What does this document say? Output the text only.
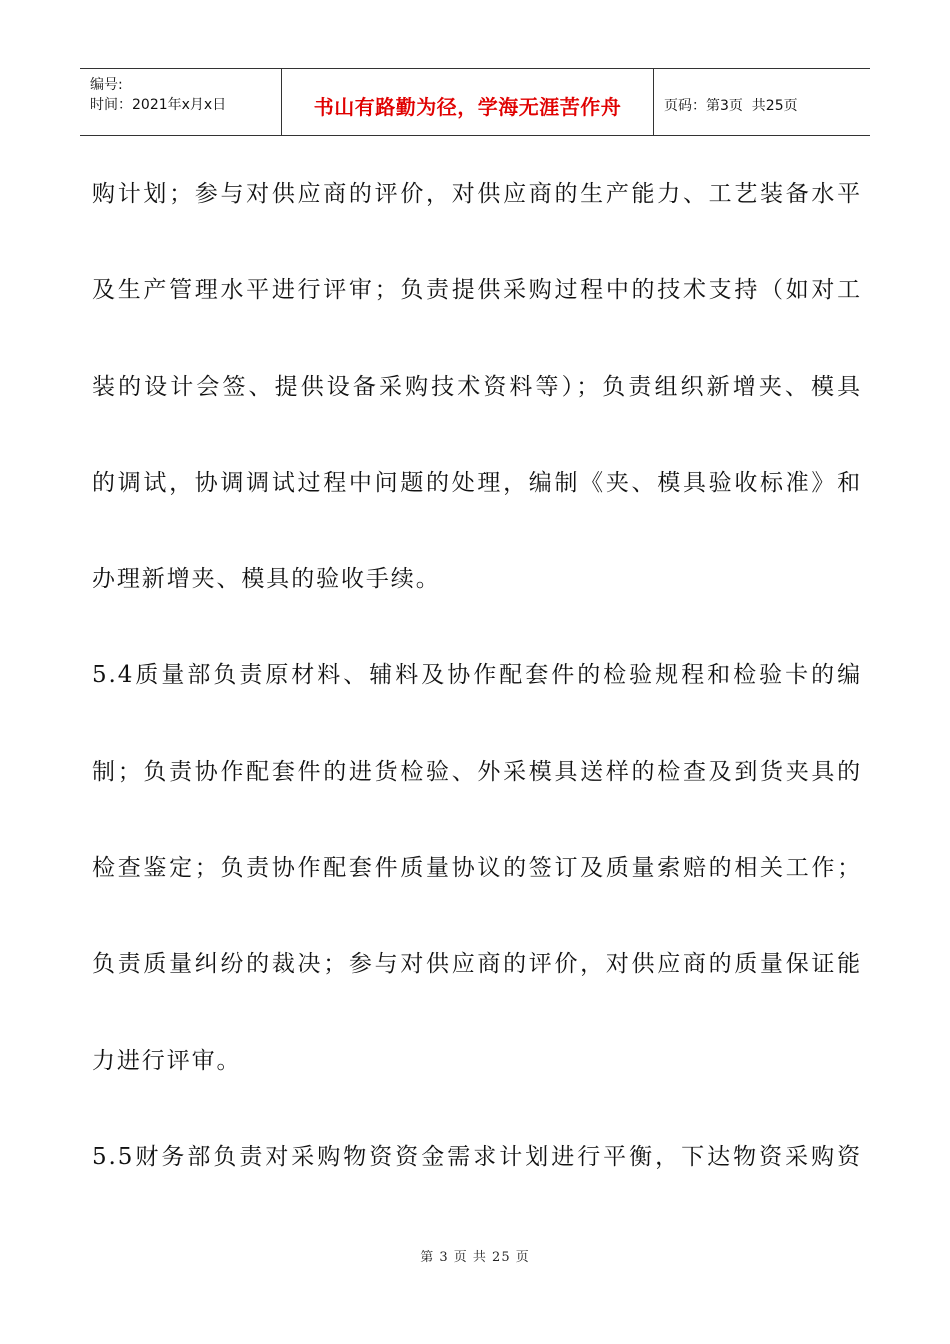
编号:
时间：2021年x月x日	书山有路勤为径，学海无涯苦作舟	页码：第3页  共25页
购计划；参与对供应商的评价，对供应商的生产能力、工艺装备水平
及生产管理水平进行评审；负责提供采购过程中的技术支持（如对工
装的设计会签、提供设备采购技术资料等）；负责组织新增夹、模具
的调试，协调调试过程中问题的处理，编制《夹、模具验收标准》和
办理新增夹、模具的验收手续。
5.4质量部负责原材料、辅料及协作配套件的检验规程和检验卡的编
制；负责协作配套件的进货检验、外采模具送样的检查及到货夹具的
检查鉴定；负责协作配套件质量协议的签订及质量索赔的相关工作；
负责质量纠纷的裁决；参与对供应商的评价，对供应商的质量保证能
力进行评审。
5.5财务部负责对采购物资资金需求计划进行平衡，下达物资采购资
第 3 页 共 25 页
